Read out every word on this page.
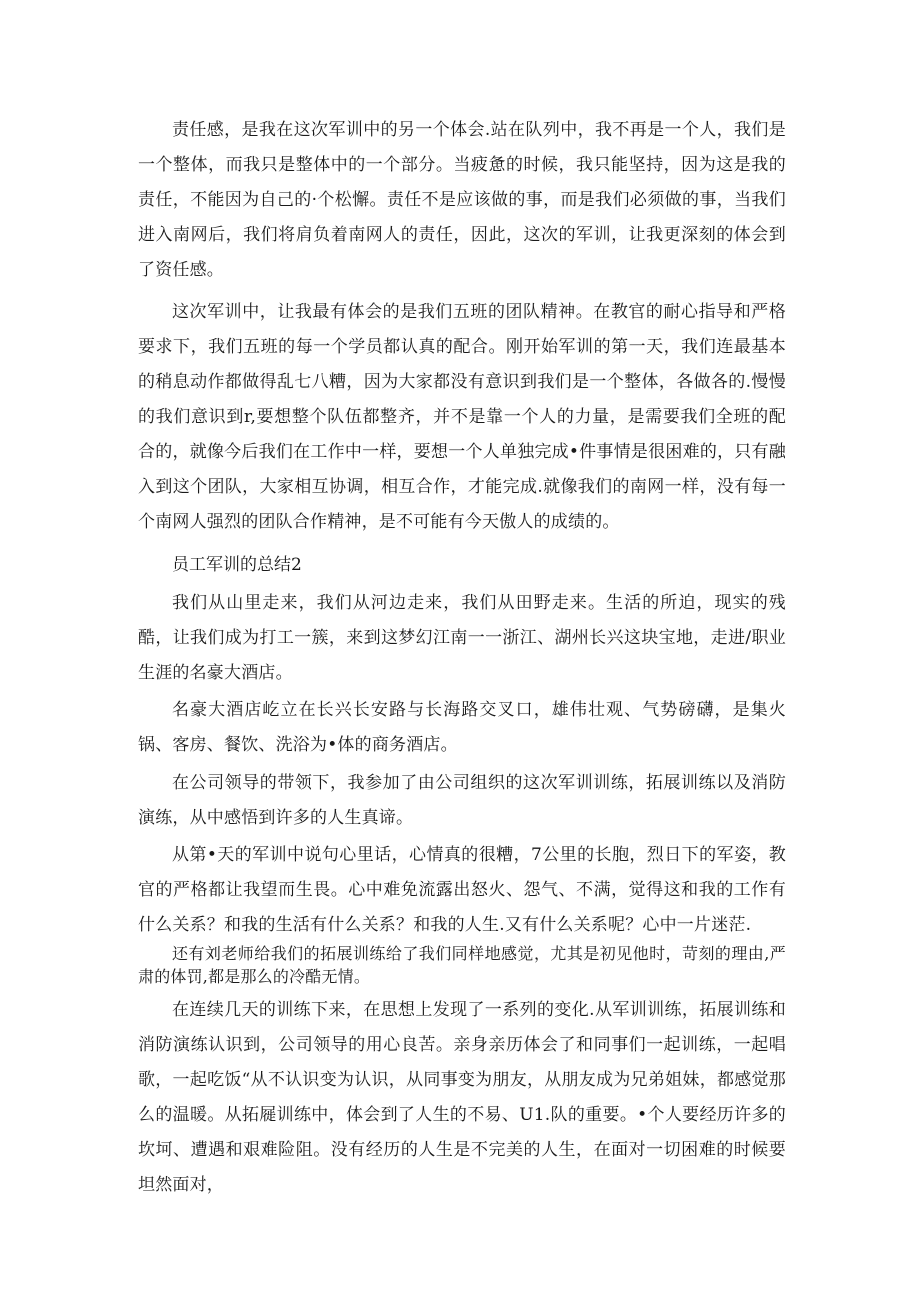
责任感，是我在这次军训中的另一个体会.站在队列中，我不再是一个人，我们是一个整体，而我只是整体中的一个部分。当疲惫的时候，我只能坚持，因为这是我的责任，不能因为自己的·个松懈。责任不是应该做的事，而是我们必须做的事，当我们进入南网后，我们将肩负着南网人的责任，因此，这次的军训，让我更深刻的体会到了资任感。

这次军训中，让我最有体会的是我们五班的团队精神。在教官的耐心指导和严格要求下，我们五班的每一个学员都认真的配合。刚开始军训的第一天，我们连最基本的稍息动作都做得乱七八糟，因为大家都没有意识到我们是一个整体，各做各的.慢慢的我们意识到r,要想整个队伍都整齐，并不是靠一个人的力量，是需要我们全班的配合的，就像今后我们在工作中一样，要想一个人单独完成•件事情是很困难的，只有融入到这个团队，大家相互协调，相互合作，才能完成.就像我们的南网一样，没有每一个南网人强烈的团队合作精神，是不可能有今天傲人的成绩的。

员工军训的总结2

我们从山里走来，我们从河边走来，我们从田野走来。生活的所迫，现实的残酷，让我们成为打工一簇，来到这梦幻江南一一浙江、湖州长兴这块宝地，走进/职业生涯的名豪大酒店。

名豪大酒店屹立在长兴长安路与长海路交叉口，雄伟壮观、气势磅礴，是集火锅、客房、餐饮、洗浴为•体的商务酒店。

在公司领导的带领下，我参加了由公司组织的这次军训训练，拓展训练以及消防演练，从中感悟到许多的人生真谛。

从第•天的军训中说句心里话，心情真的很糟，7公里的长胞，烈日下的军姿，教官的严格都让我望而生畏。心中难免流露出怒火、怨气、不满，觉得这和我的工作有什么关系？和我的生活有什么关系？和我的人生.又有什么关系呢？心中一片迷茫.

还有刘老师给我们的拓展训练给了我们同样地感觉，尤其是初见他时，苛刻的理由,严肃的体罚,都是那么的冷酷无情。

在连续几天的训练下来，在思想上发现了一系列的变化.从军训训练，拓展训练和消防演练认识到，公司领导的用心良苦。亲身亲历体会了和同事们一起训练，一起唱歌，一起吃饭“从不认识变为认识，从同事变为朋友，从朋友成为兄弟姐妹，都感觉那么的温暖。从拓屣训练中，体会到了人生的不易、U1.队的重要。•个人要经历许多的坎坷、遭遇和艰难险阻。没有经历的人生是不完美的人生，在面对一切困难的时候要坦然面对，
